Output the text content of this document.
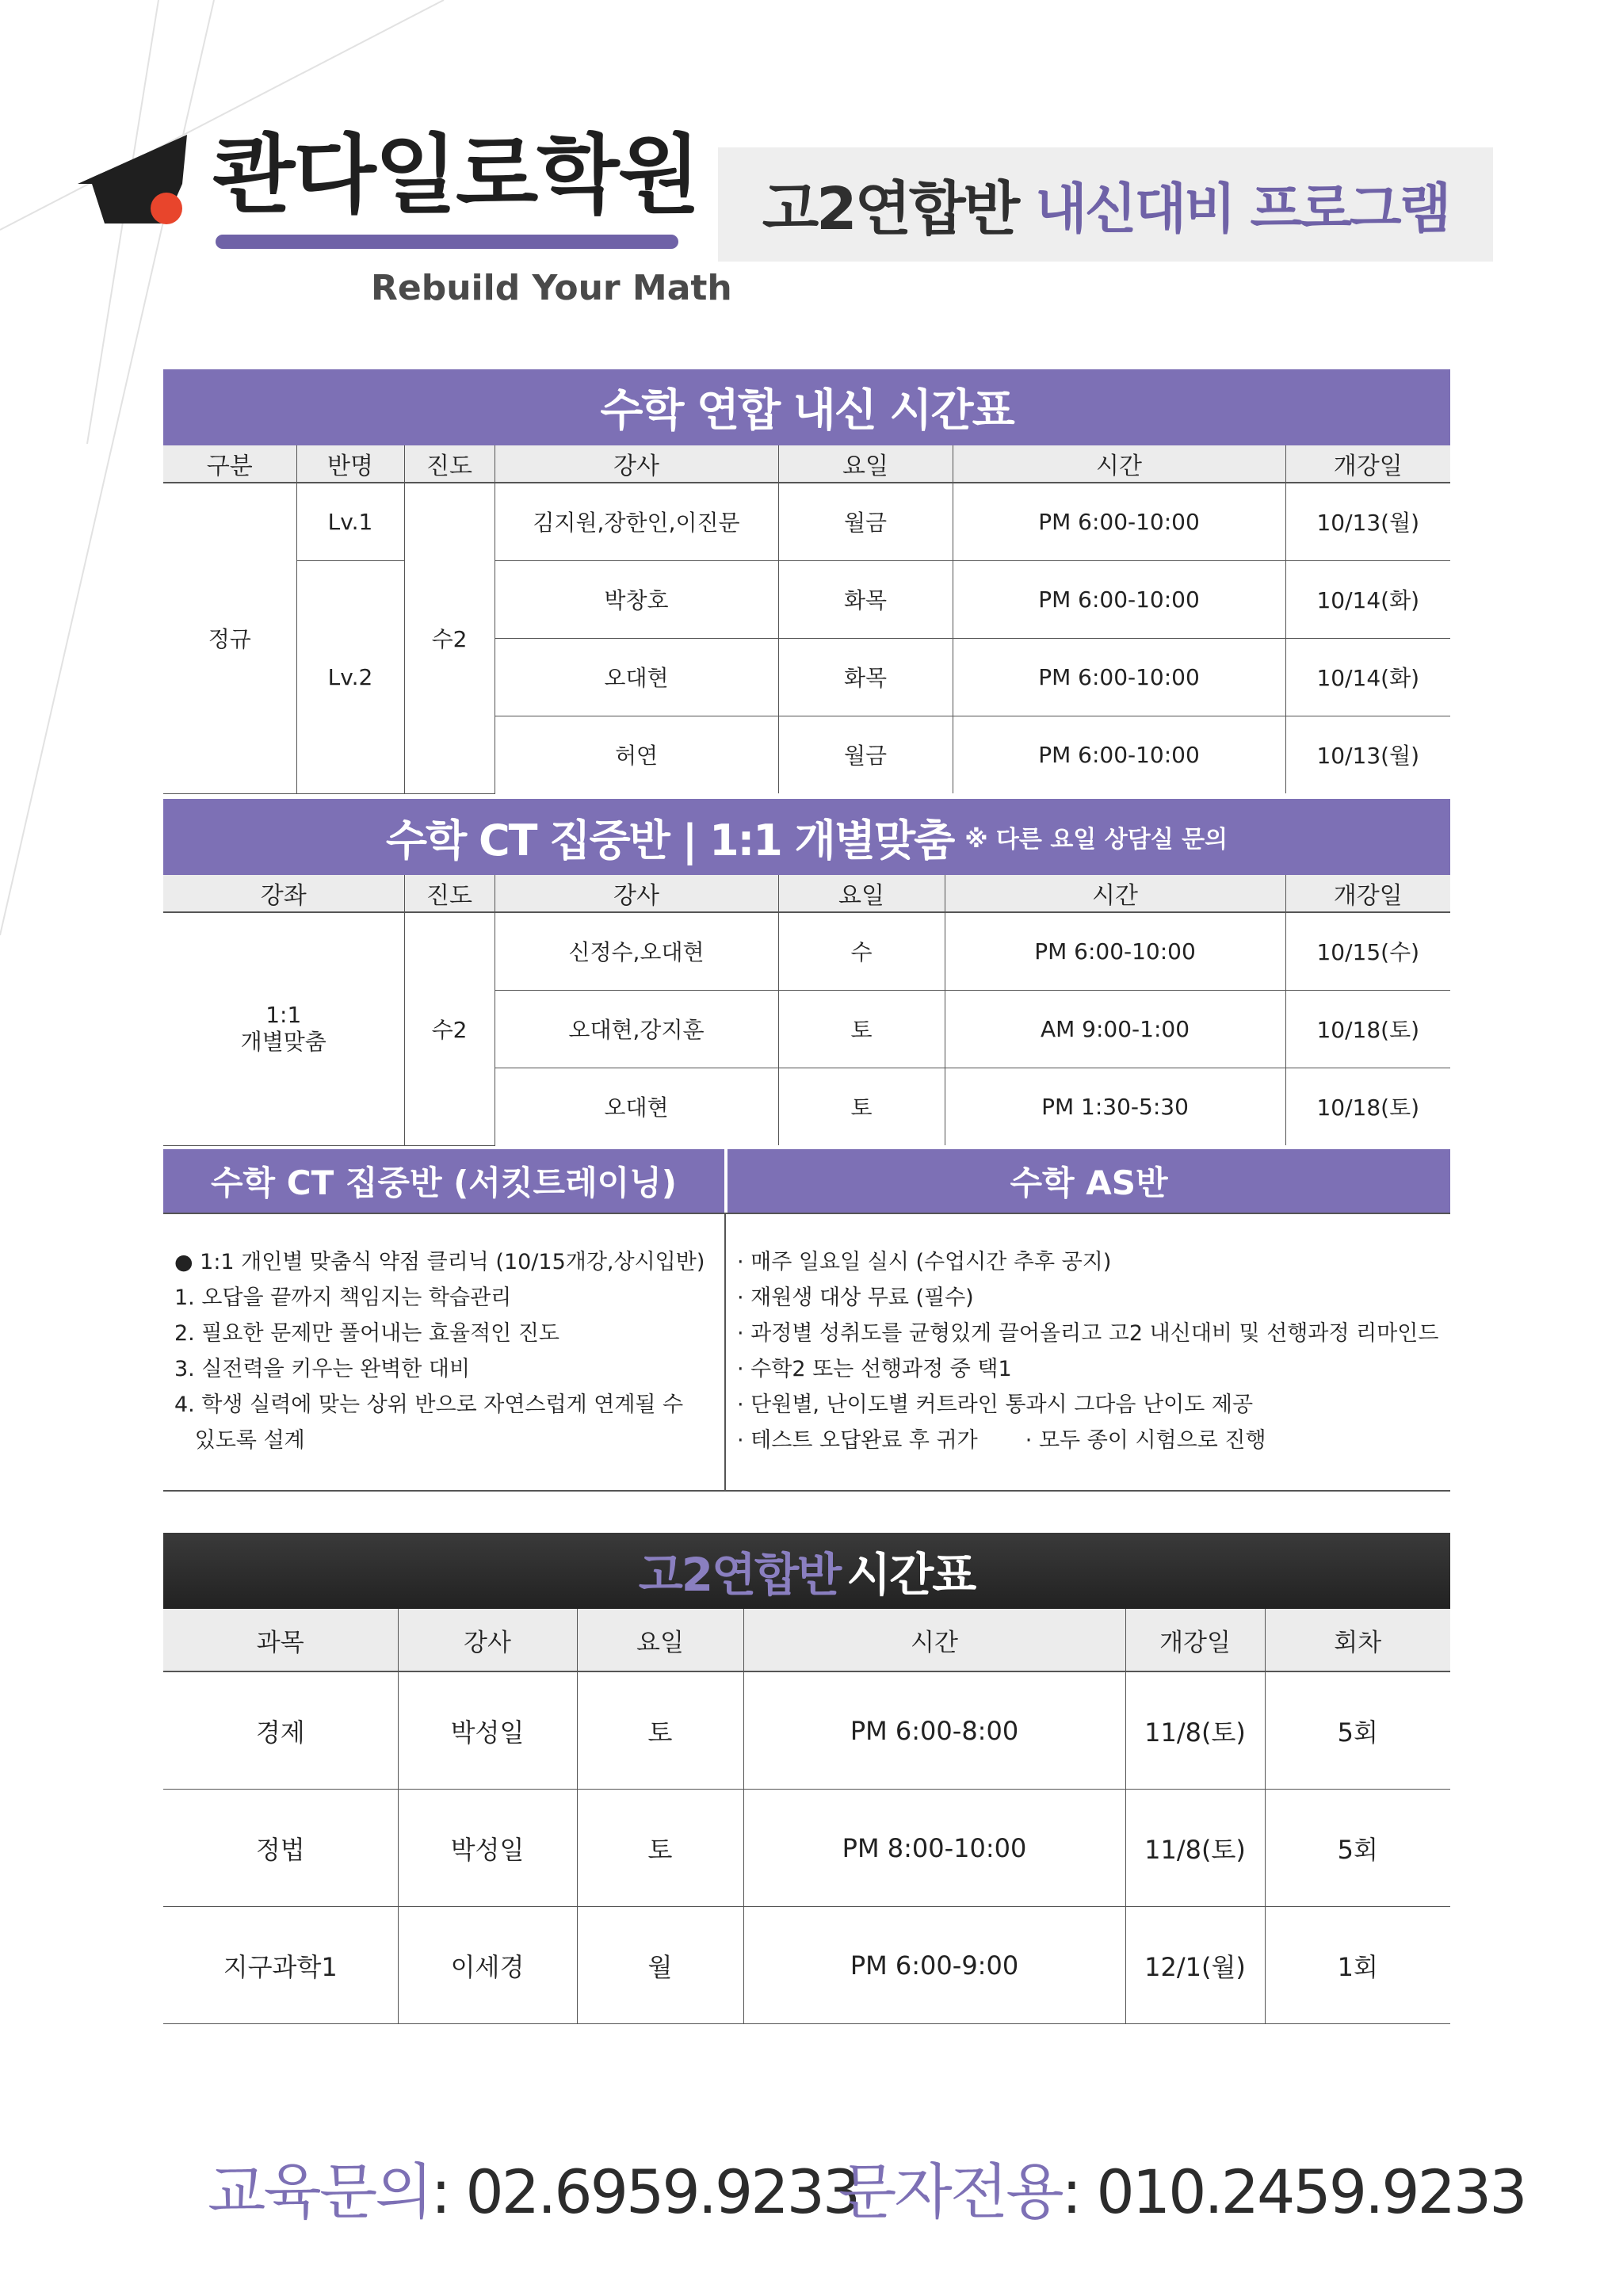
콴다일로학원
Rebuild Your Math
고2연합반 내신대비 프로그램
수학 연합 내신 시간표
구분	반명	진도	강사	요일	시간	개강일
정규	Lv.1	수2	김지원,장한인,이진문	월금	PM 6:00-10:00	10/13(월)
	Lv.2		박창호	화목	PM 6:00-10:00	10/14(화)
			오대현	화목	PM 6:00-10:00	10/14(화)
			허연	월금	PM 6:00-10:00	10/13(월)
수학 CT 집중반 | 1:1 개별맞춤 ※ 다른 요일 상담실 문의
강좌	진도	강사	요일	시간	개강일

1:1
개별맞춤	수2	신정수,오대현	수	PM 6:00-10:00	10/15(수)
		오대현,강지훈	토	AM 9:00-1:00	10/18(토)
		오대현	토	PM 1:30-5:30	10/18(토)
수학 CT 집중반 (서킷트레이닝)	수학 AS반
● 1:1 개인별 맞춤식 약점 클리닉 (10/15개강,상시입반)
1. 오답을 끝까지 책임지는 학습관리
2. 필요한 문제만 풀어내는 효율적인 진도
3. 실전력을 키우는 완벽한 대비
4. 학생 실력에 맞는 상위 반으로 자연스럽게 연계될 수
있도록 설계
· 매주 일요일 실시 (수업시간 추후 공지)
· 재원생 대상 무료 (필수)
· 과정별 성취도를 균형있게 끌어올리고 고2 내신대비 및 선행과정 리마인드
· 수학2 또는 선행과정 중 택1
· 단원별, 난이도별 커트라인 통과시 그다음 난이도 제공
· 테스트 오답완료 후 귀가       · 모두 종이 시험으로 진행
고2연합반 시간표
과목	강사	요일	시간	개강일	회차
경제	박성일	토	PM 6:00-8:00	11/8(토)	5회
정법	박성일	토	PM 8:00-10:00	11/8(토)	5회
지구과학1	이세경	월	PM 6:00-9:00	12/1(월)	1회
교육문의: 02.6959.9233
문자전용: 010.2459.9233
